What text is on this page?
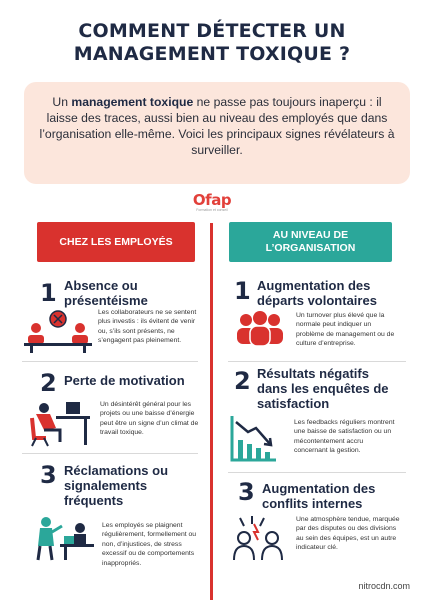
COMMENT DÉTECTER UN
MANAGEMENT TOXIQUE ?
Un management toxique ne passe pas toujours inaperçu : il laisse des traces, aussi bien au niveau des employés que dans l’organisation elle-même. Voici les principaux signes révélateurs à surveiller.
Ofap
Formation et conseil
CHEZ LES EMPLOYÉS
AU NIVEAU DE L’ORGANISATION
1 Absence ou présentéisme
Les collaborateurs ne se sentent plus investis : ils évitent de venir ou, s’ils sont présents, ne s’engagent pas pleinement.
2 Perte de motivation
Un désintérêt général pour les projets ou une baisse d’énergie peut être un signe d’un climat de travail toxique.
3 Réclamations ou signalements fréquents
Les employés se plaignent régulièrement, formellement ou non, d’injustices, de stress excessif ou de comportements inappropriés.
1 Augmentation des départs volontaires
Un turnover plus élevé que la normale peut indiquer un problème de management ou de culture d’entreprise.
2 Résultats négatifs dans les enquêtes de satisfaction
Les feedbacks réguliers montrent une baisse de satisfaction ou un mécontentement accru concernant la gestion.
3 Augmentation des conflits internes
Une atmosphère tendue, marquée par des disputes ou des divisions au sein des équipes, est un autre indicateur clé.
nitrocdn.com
